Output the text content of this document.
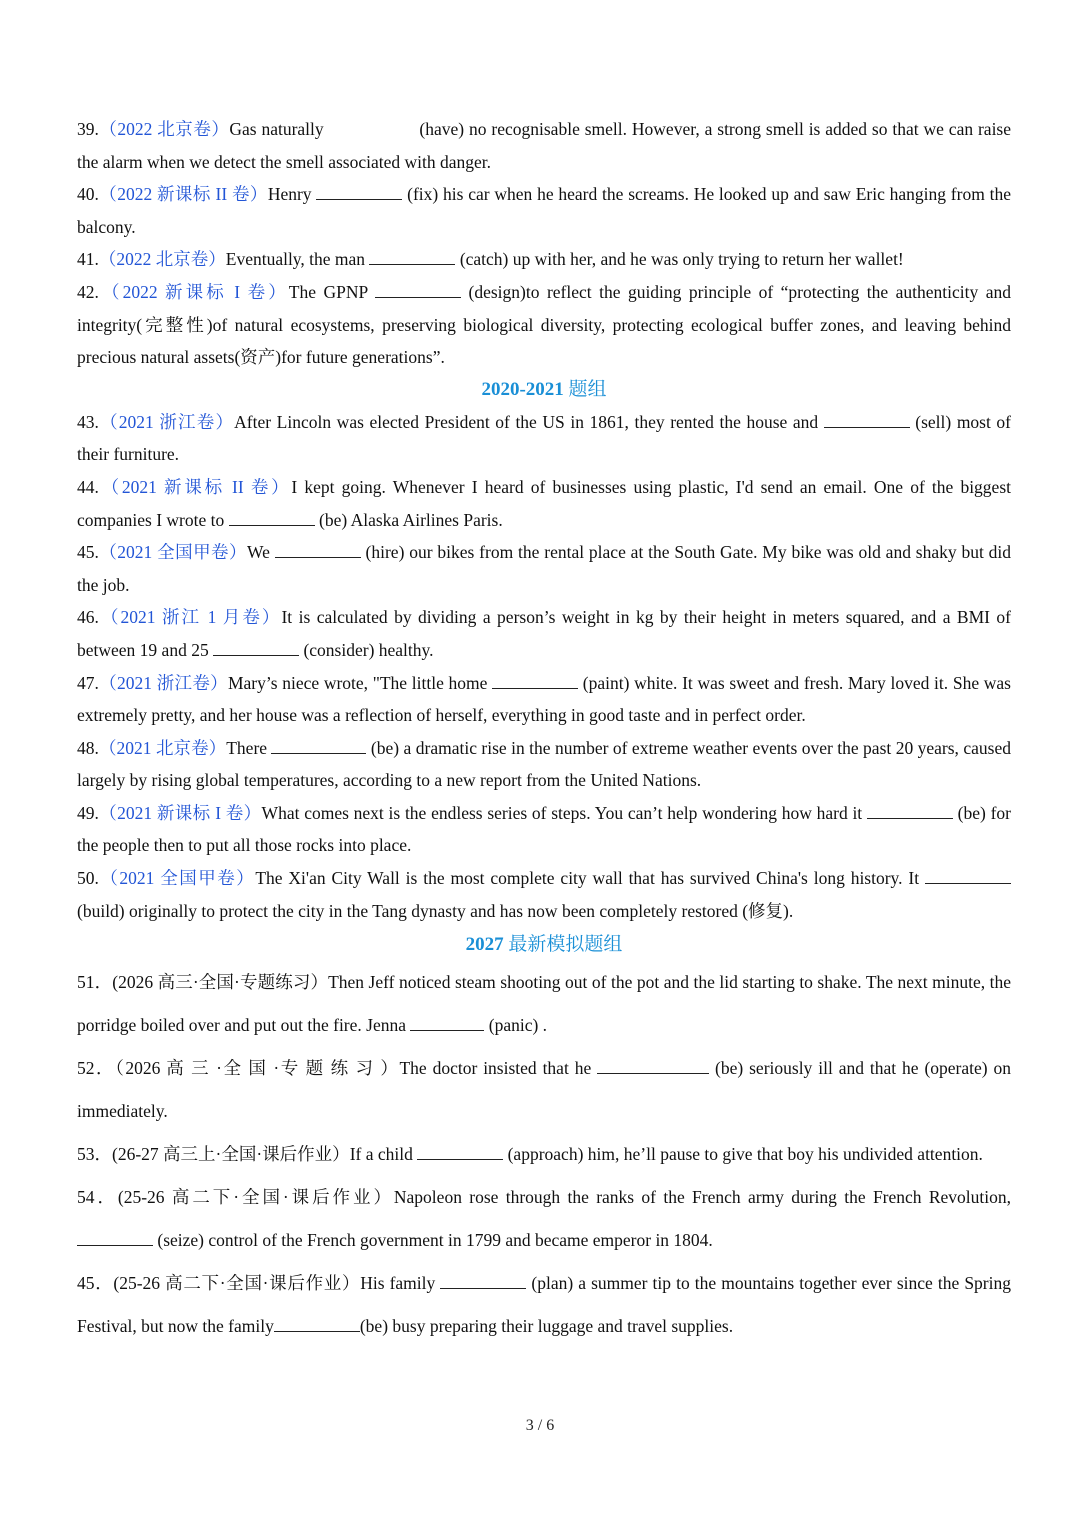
39.（2022 北京卷）Gas naturally	(have) no recognisable smell. However, a strong smell is added so that we can raise the alarm when we detect the smell associated with danger.
40.（2022 新课标 II 卷）Henry	(fix) his car when he heard the screams. He looked up and saw Eric hanging from the balcony.
41.（2022 北京卷）Eventually, the man	(catch) up with her, and he was only trying to return her wallet!
42.（2022 新课标 I 卷）The GPNP	(design)to reflect the guiding principle of “protecting the authenticity and integrity(完整性)of natural ecosystems, preserving biological diversity, protecting ecological buffer zones, and leaving behind precious natural assets(资产)for future generations”.
2020-2021 题组
43.（2021 浙江卷）After Lincoln was elected President of the US in 1861, they rented the house and	(sell) most of their furniture.
44.（2021 新课标 II 卷）I kept going. Whenever I heard of businesses using plastic, I'd send an email. One of the biggest companies I wrote to	(be) Alaska Airlines Paris.
45.（2021 全国甲卷）We	(hire) our bikes from the rental place at the South Gate. My bike was old and shaky but did the job.
46.（2021 浙江 1 月卷）It is calculated by dividing a person’s weight in kg by their height in meters squared, and a BMI of between 19 and 25	(consider) healthy.
47.（2021 浙江卷）Mary’s niece wrote, "The little home	(paint) white. It was sweet and fresh. Mary loved it. She was extremely pretty, and her house was a reflection of herself, everything in good taste and in perfect order.
48.（2021 北京卷）There	(be) a dramatic rise in the number of extreme weather events over the past 20 years, caused largely by rising global temperatures, according to a new report from the United Nations.
49.（2021 新课标 I 卷）What comes next is the endless series of steps. You can’t help wondering how hard it	(be) for the people then to put all those rocks into place.
50.（2021 全国甲卷）The Xi'an City Wall is the most complete city wall that has survived China's long history. It  (build) originally to protect the city in the Tang dynasty and has now been completely restored (修复).
2027 最新模拟题组
51．(2026 高三·全国·专题练习）Then Jeff noticed steam shooting out of the pot and the lid starting to shake. The next minute, the porridge boiled over and put out the fire. Jenna	(panic) .
52．（2026 高 三 ·全 国 ·专 题 练 习 ）The doctor insisted that he	(be) seriously ill and that he (operate) on immediately.
53．(26-27 高三上·全国·课后作业）If a child	(approach) him, he’ll pause to give that boy his undivided attention.
54．(25-26 高二下·全国·课后作业）Napoleon rose through the ranks of the French army during the French Revolution,  (seize) control of the French government in 1799 and became emperor in 1804.
45．(25-26 高二下·全国·课后作业）His family	(plan) a summer tip to the mountains together ever since the Spring Festival, but now the family	(be) busy preparing their luggage and travel supplies.
3 / 6
